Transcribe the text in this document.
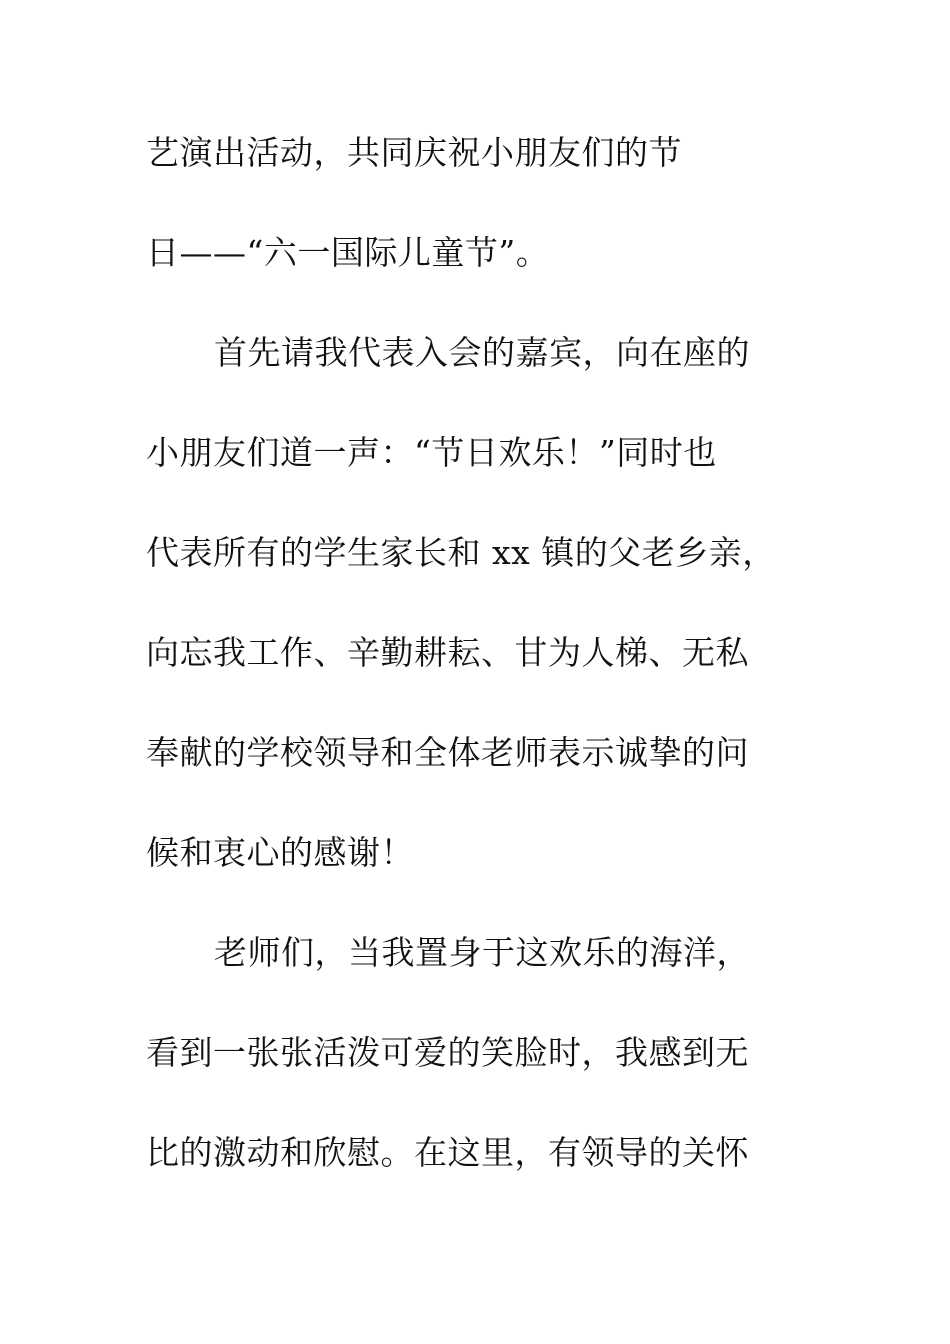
艺演出活动，共同庆祝小朋友们的节
日——“六一国际儿童节”。
首先请我代表入会的嘉宾，向在座的
小朋友们道一声：“节日欢乐！”同时也
代表所有的学生家长和 xx 镇的父老乡亲，
向忘我工作、辛勤耕耘、甘为人梯、无私
奉献的学校领导和全体老师表示诚挚的问
候和衷心的感谢！
老师们，当我置身于这欢乐的海洋，
看到一张张活泼可爱的笑脸时，我感到无
比的激动和欣慰。在这里，有领导的关怀
